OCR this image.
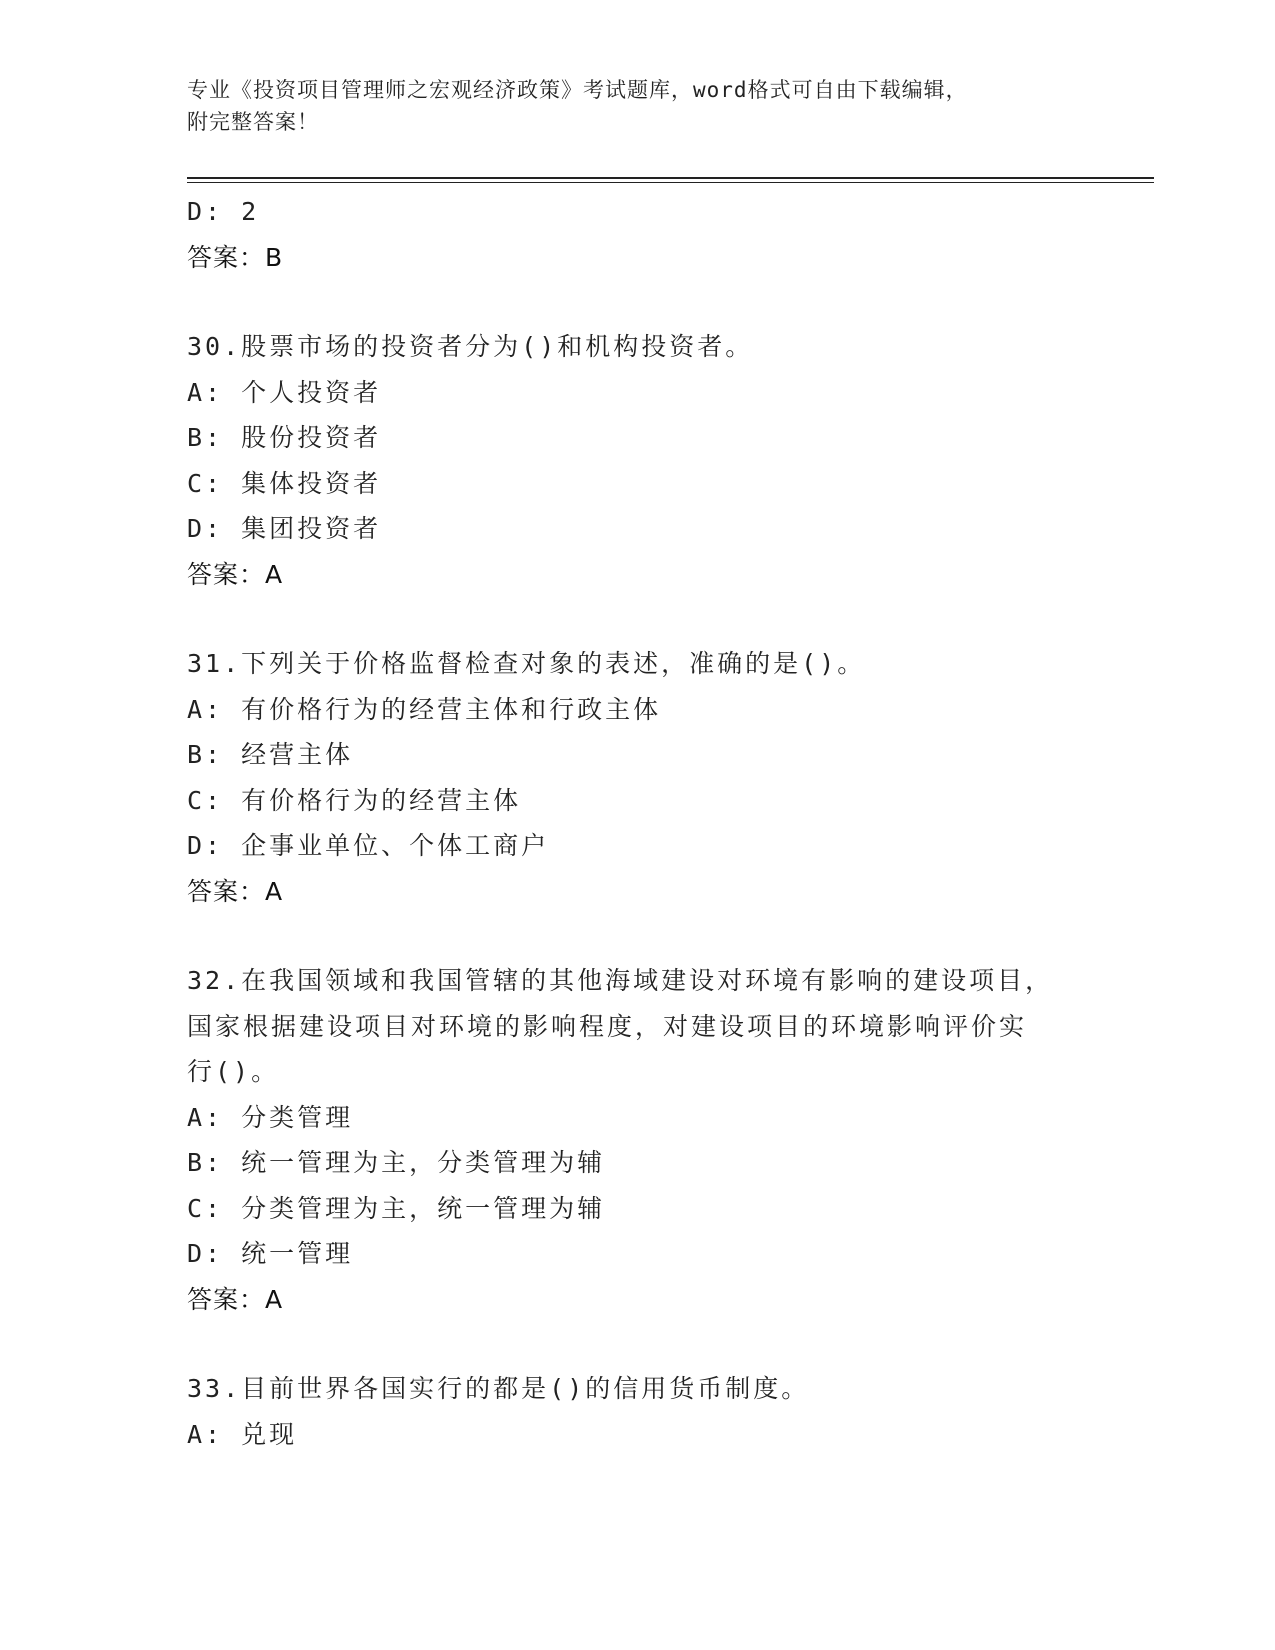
专业《投资项目管理师之宏观经济政策》考试题库，word格式可自由下载编辑，
附完整答案！
D: 2
答案：B
30.股票市场的投资者分为()和机构投资者。
A: 个人投资者
B: 股份投资者
C: 集体投资者
D: 集团投资者
答案：A
31.下列关于价格监督检查对象的表述，准确的是()。
A: 有价格行为的经营主体和行政主体
B: 经营主体
C: 有价格行为的经营主体
D: 企事业单位、个体工商户
答案：A
32.在我国领域和我国管辖的其他海域建设对环境有影响的建设项目，
国家根据建设项目对环境的影响程度，对建设项目的环境影响评价实
行()。
A: 分类管理
B: 统一管理为主，分类管理为辅
C: 分类管理为主，统一管理为辅
D: 统一管理
答案：A
33.目前世界各国实行的都是()的信用货币制度。
A: 兑现
